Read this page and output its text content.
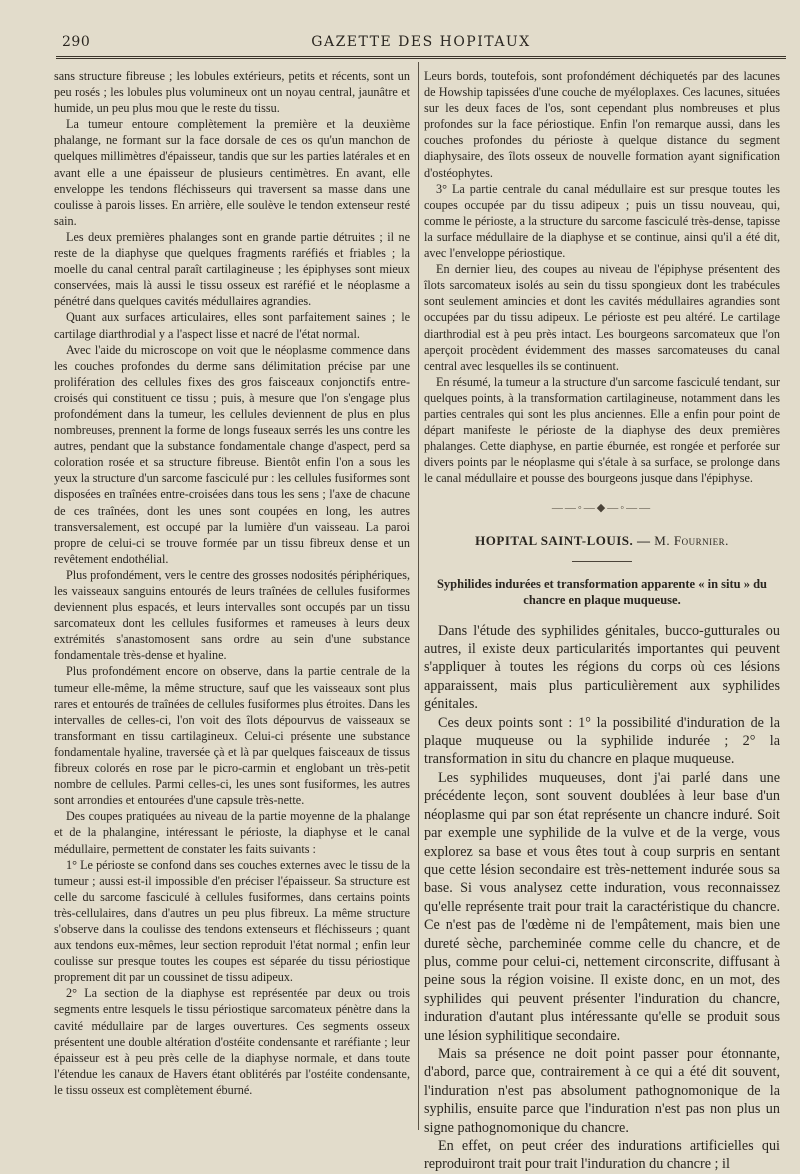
290	GAZETTE DES HOPITAUX

sans structure fibreuse ; les lobules extérieurs, petits et récents, sont un peu rosés ; les lobules plus volumineux ont un noyau central, jaunâtre et humide, un peu plus mou que le reste du tissu.

La tumeur entoure complètement la première et la deuxième phalange, ne formant sur la face dorsale de ces os qu'un manchon de quelques millimètres d'épaisseur, tandis que sur les parties latérales et en avant elle a une épaisseur de plusieurs centimètres. En avant, elle enveloppe les tendons fléchisseurs qui traversent sa masse dans une coulisse à parois lisses. En arrière, elle soulève le tendon extenseur resté sain.

Les deux premières phalanges sont en grande partie détruites ; il ne reste de la diaphyse que quelques fragments raréfiés et friables ; la moelle du canal central paraît cartilagineuse ; les épiphyses sont mieux conservées, mais là aussi le tissu osseux est raréfié et le néoplasme a pénétré dans quelques cavités médullaires agrandies.

Quant aux surfaces articulaires, elles sont parfaitement saines ; le cartilage diarthrodial y a l'aspect lisse et nacré de l'état normal.

Avec l'aide du microscope on voit que le néoplasme commence dans les couches profondes du derme sans délimitation précise par une prolifération des cellules fixes des gros faisceaux conjonctifs entre-croisés qui constituent ce tissu ; puis, à mesure que l'on s'engage plus profondément dans la tumeur, les cellules deviennent de plus en plus nombreuses, prennent la forme de longs fuseaux serrés les uns contre les autres, pendant que la substance fondamentale change d'aspect, perd sa coloration rosée et sa structure fibreuse. Bientôt enfin l'on a sous les yeux la structure d'un sarcome fasciculé pur : les cellules fusiformes sont disposées en traînées entre-croisées dans tous les sens ; l'axe de chacune de ces traînées, dont les unes sont coupées en long, les autres transversalement, est occupé par la lumière d'un vaisseau. La paroi propre de celui-ci se trouve formée par un tissu fibreux dense et un revêtement endothélial.

Plus profondément, vers le centre des grosses nodosités périphériques, les vaisseaux sanguins entourés de leurs traînées de cellules fusiformes deviennent plus espacés, et leurs intervalles sont occupés par un tissu sarcomateux dont les cellules fusiformes et rameuses à leurs deux extrémités s'anastomosent sans ordre au sein d'une substance fondamentale très-dense et hyaline.

Plus profondément encore on observe, dans la partie centrale de la tumeur elle-même, la même structure, sauf que les vaisseaux sont plus rares et entourés de traînées de cellules fusiformes plus étroites. Dans les intervalles de celles-ci, l'on voit des îlots dépourvus de vaisseaux se transformant en tissu cartilagineux. Celui-ci présente une substance fondamentale hyaline, traversée çà et là par quelques faisceaux de tissus fibreux colorés en rose par le picro-carmin et englobant un très-petit nombre de cellules. Parmi celles-ci, les unes sont fusiformes, les autres sont arrondies et entourées d'une capsule très-nette.

Des coupes pratiquées au niveau de la partie moyenne de la phalange et de la phalangine, intéressant le périoste, la diaphyse et le canal médullaire, permettent de constater les faits suivants :

1° Le périoste se confond dans ses couches externes avec le tissu de la tumeur ; aussi est-il impossible d'en préciser l'épaisseur. Sa structure est celle du sarcome fasciculé à cellules fusiformes, dans certains points très-cellulaires, dans d'autres un peu plus fibreux. La même structure s'observe dans la coulisse des tendons extenseurs et fléchisseurs ; quant aux tendons eux-mêmes, leur section reproduit l'état normal ; enfin leur coulisse sur presque toutes les coupes est séparée du tissu périostique proprement dit par un coussinet de tissu adipeux.

2° La section de la diaphyse est représentée par deux ou trois segments entre lesquels le tissu périostique sarcomateux pénètre dans la cavité médullaire par de larges ouvertures. Ces segments osseux présentent une double altération d'ostéite condensante et raréfiante ; leur épaisseur est à peu près celle de la diaphyse normale, et dans toute l'étendue les canaux de Havers étant oblitérés par l'ostéite condensante, le tissu osseux est complètement éburné.

Leurs bords, toutefois, sont profondément déchiquetés par des lacunes de Howship tapissées d'une couche de myéloplaxes. Ces lacunes, situées sur les deux faces de l'os, sont cependant plus nombreuses et plus profondes sur la face périostique. Enfin l'on remarque aussi, dans les couches profondes du périoste à quelque distance du segment diaphysaire, des îlots osseux de nouvelle formation ayant signification d'ostéophytes.

3° La partie centrale du canal médullaire est sur presque toutes les coupes occupée par du tissu adipeux ; puis un tissu nouveau, qui, comme le périoste, a la structure du sarcome fasciculé très-dense, tapisse la surface médullaire de la diaphyse et se continue, ainsi qu'il a été dit, avec l'enveloppe périostique.

En dernier lieu, des coupes au niveau de l'épiphyse présentent des îlots sarcomateux isolés au sein du tissu spongieux dont les trabécules sont seulement amincies et dont les cavités médullaires agrandies sont occupées par du tissu adipeux. Le périoste est peu altéré. Le cartilage diarthrodial est à peu près intact. Les bourgeons sarcomateux que l'on aperçoit procèdent évidemment des masses sarcomateuses du canal central avec lesquelles ils se continuent.

En résumé, la tumeur a la structure d'un sarcome fasciculé tendant, sur quelques points, à la transformation cartilagineuse, notamment dans les parties centrales qui sont les plus anciennes. Elle a enfin pour point de départ manifeste le périoste de la diaphyse des deux premières phalanges. Cette diaphyse, en partie éburnée, est rongée et perforée sur divers points par le néoplasme qui s'étale à sa surface, se prolonge dans le canal médullaire et pousse des bourgeons jusque dans l'épiphyse.

——◦—◆—◦——
HOPITAL SAINT-LOUIS. — M. Fournier.
Syphilides indurées et transformation apparente « in situ » du chancre en plaque muqueuse.

Dans l'étude des syphilides génitales, bucco-gutturales ou autres, il existe deux particularités importantes qui peuvent s'appliquer à toutes les régions du corps où ces lésions apparaissent, mais plus particulièrement aux syphilides génitales.

Ces deux points sont : 1° la possibilité d'induration de la plaque muqueuse ou la syphilide indurée ; 2° la transformation in situ du chancre en plaque muqueuse.

Les syphilides muqueuses, dont j'ai parlé dans une précédente leçon, sont souvent doublées à leur base d'un néoplasme qui par son état représente un chancre induré. Soit par exemple une syphilide de la vulve et de la verge, vous explorez sa base et vous êtes tout à coup surpris en sentant que cette lésion secondaire est très-nettement indurée sous sa base. Si vous analysez cette induration, vous reconnaissez qu'elle représente trait pour trait la caractéristique du chancre. Ce n'est pas de l'œdème ni de l'empâtement, mais bien une dureté sèche, parcheminée comme celle du chancre, et de plus, comme pour celui-ci, nettement circonscrite, diffusant à peine sous la région voisine. Il existe donc, en un mot, des syphilides qui peuvent présenter l'induration du chancre, induration d'autant plus intéressante qu'elle se produit sous une lésion syphilitique secondaire.

Mais sa présence ne doit point passer pour étonnante, d'abord, parce que, contrairement à ce qui a été dit souvent, l'induration n'est pas absolument pathognomonique de la syphilis, ensuite parce que l'induration n'est pas non plus un signe pathognomonique du chancre.

En effet, on peut créer des indurations artificielles qui reproduiront trait pour trait l'induration du chancre ; il
